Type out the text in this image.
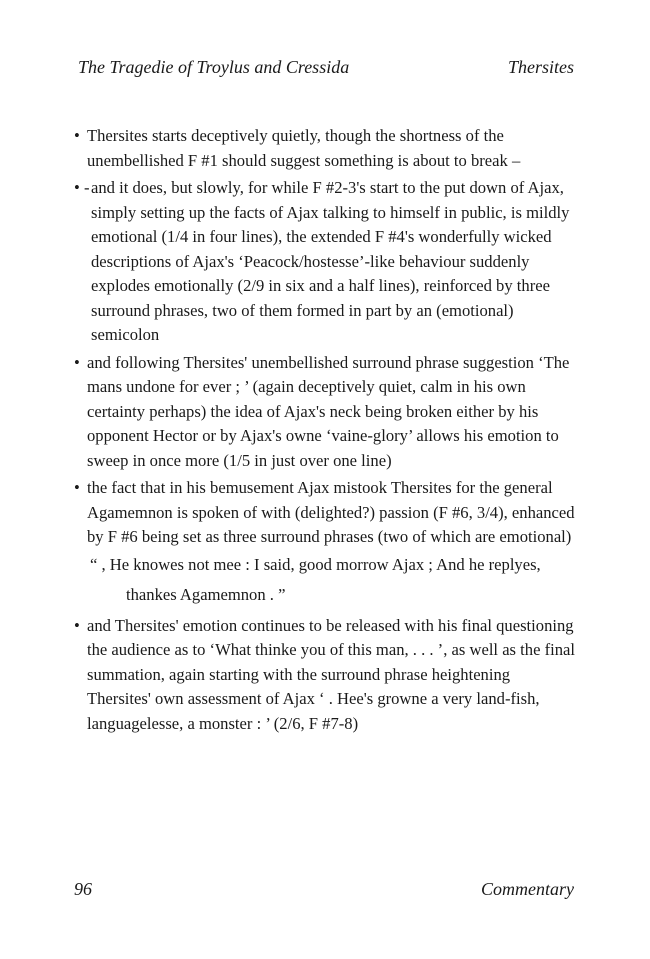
The Tragedie of Troylus and Cressida	Thersites
• Thersites starts deceptively quietly, though the shortness of the unembellished F #1 should suggest something is about to break –
• - and it does, but slowly, for while F #2-3's start to the put down of Ajax, simply setting up the facts of Ajax talking to himself in public, is mildly emotional (1/4 in four lines), the extended F #4's wonderfully wicked descriptions of Ajax's ‘Peacock/hostesse’-like behaviour suddenly explodes emotionally (2/9 in six and a half lines), reinforced by three surround phrases, two of them formed in part by an (emotional) semicolon
• and following Thersites' unembellished surround phrase suggestion ‘The mans undone for ever ; ’ (again deceptively quiet, calm in his own certainty perhaps) the idea of Ajax's neck being broken either by his opponent Hector or by Ajax's owne ‘vaine-glory’ allows his emotion to sweep in once more (1/5 in just over one line)
• the fact that in his bemusement Ajax mistook Thersites for the general Agamemnon is spoken of with (delighted?) passion (F #6, 3/4), enhanced by F #6 being set as three surround phrases (two of which are emotional)
“ , He knowes not mee : I said, good morrow Ajax ; And he replyes,
thankes Agamemnon . ”
• and Thersites' emotion continues to be released with his final questioning the audience as to ‘What thinke you of this man, . . . ’, as well as the final summation, again starting with the surround phrase heightening Thersites' own assessment of Ajax ‘ . Hee's growne a very land-fish, languagelesse, a monster : ’ (2/6, F #7-8)
96	Commentary
